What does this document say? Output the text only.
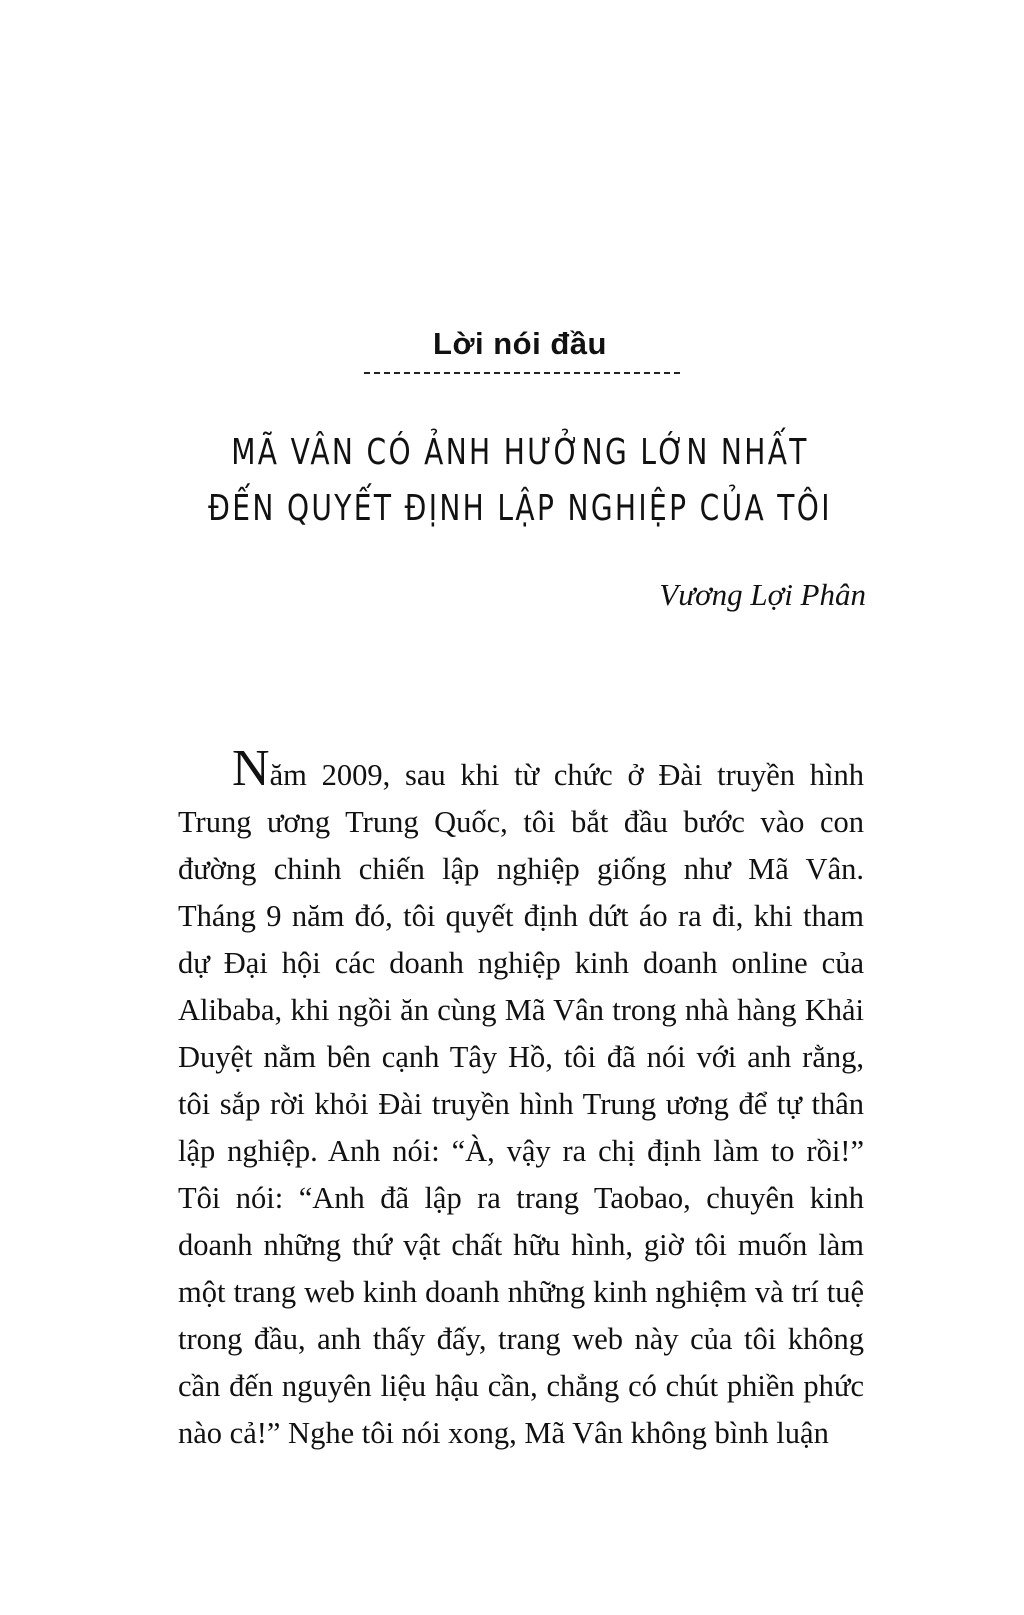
Lời nói đầu
MÃ VÂN CÓ ẢNH HƯỞNG LỚN NHẤT
ĐẾN QUYẾT ĐỊNH LẬP NGHIỆP CỦA TÔI
Vương Lợi Phân

Năm 2009, sau khi từ chức ở Đài truyền hình Trung ương Trung Quốc, tôi bắt đầu bước vào con đường chinh chiến lập nghiệp giống như Mã Vân. Tháng 9 năm đó, tôi quyết định dứt áo ra đi, khi tham dự Đại hội các doanh nghiệp kinh doanh online của Alibaba, khi ngồi ăn cùng Mã Vân trong nhà hàng Khải Duyệt nằm bên cạnh Tây Hồ, tôi đã nói với anh rằng, tôi sắp rời khỏi Đài truyền hình Trung ương để tự thân lập nghiệp. Anh nói: “À, vậy ra chị định làm to rồi!” Tôi nói: “Anh đã lập ra trang Taobao, chuyên kinh doanh những thứ vật chất hữu hình, giờ tôi muốn làm một trang web kinh doanh những kinh nghiệm và trí tuệ trong đầu, anh thấy đấy, trang web này của tôi không cần đến nguyên liệu hậu cần, chẳng có chút phiền phức nào cả!” Nghe tôi nói xong, Mã Vân không bình luận
